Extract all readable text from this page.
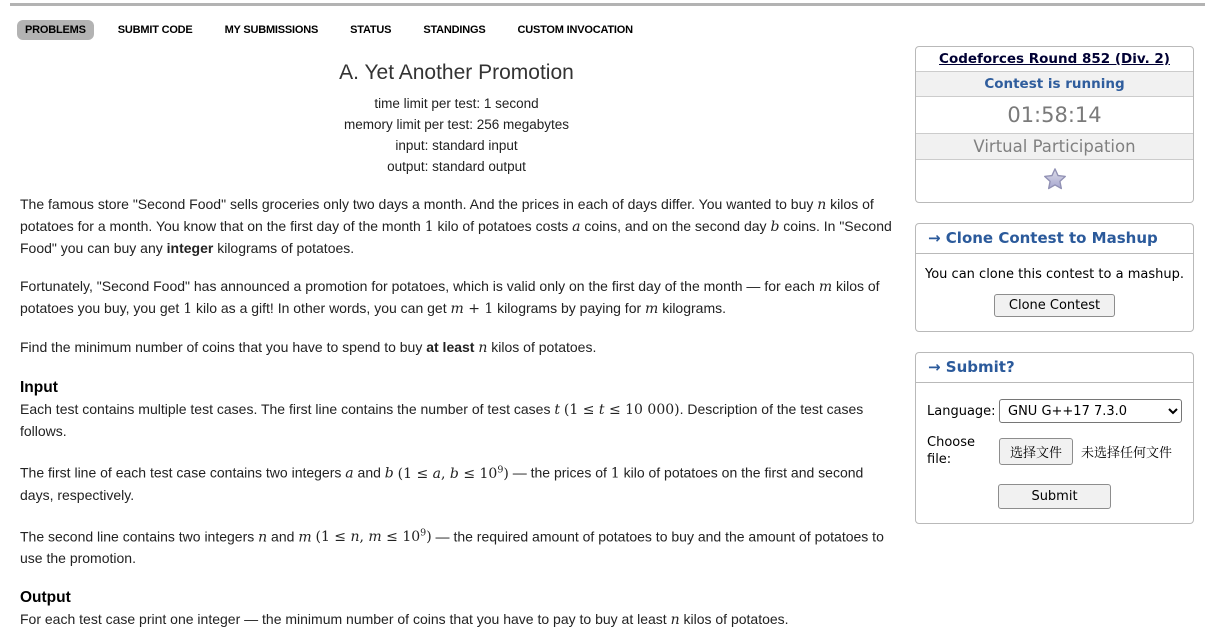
PROBLEMS	SUBMIT CODE	MY SUBMISSIONS	STATUS	STANDINGS	CUSTOM INVOCATION
A. Yet Another Promotion
time limit per test: 1 second
memory limit per test: 256 megabytes
input: standard input
output: standard output

The famous store "Second Food" sells groceries only two days a month. And the prices in each of days differ. You wanted to buy n kilos of potatoes for a month. You know that on the first day of the month 1 kilo of potatoes costs a coins, and on the second day b coins. In "Second Food" you can buy any integer kilograms of potatoes.

Fortunately, "Second Food" has announced a promotion for potatoes, which is valid only on the first day of the month — for each m kilos of potatoes you buy, you get 1 kilo as a gift! In other words, you can get m + 1 kilograms by paying for m kilograms.

Find the minimum number of coins that you have to spend to buy at least n kilos of potatoes.

Input

Each test contains multiple test cases. The first line contains the number of test cases t (1 ≤ t ≤ 10 000). Description of the test cases follows.

The first line of each test case contains two integers a and b (1 ≤ a, $b \le 10^9$) — the prices of 1 kilo of potatoes on the first and second days, respectively.

The second line contains two integers n and m (1 ≤ n, $m \le 10^9$) — the required amount of potatoes to buy and the amount of potatoes to use the promotion.

Output

For each test case print one integer — the minimum number of coins that you have to pay to buy at least n kilos of potatoes.

Codeforces Round 852 (Div. 2)
Contest is running
01:58:14
Virtual Participation
→ Clone Contest to Mashup
You can clone this contest to a mashup.
Clone Contest
→ Submit?
Language:
GNU G++17 7.3.0
Choose file:	选择文件	未选择任何文件
Submit
